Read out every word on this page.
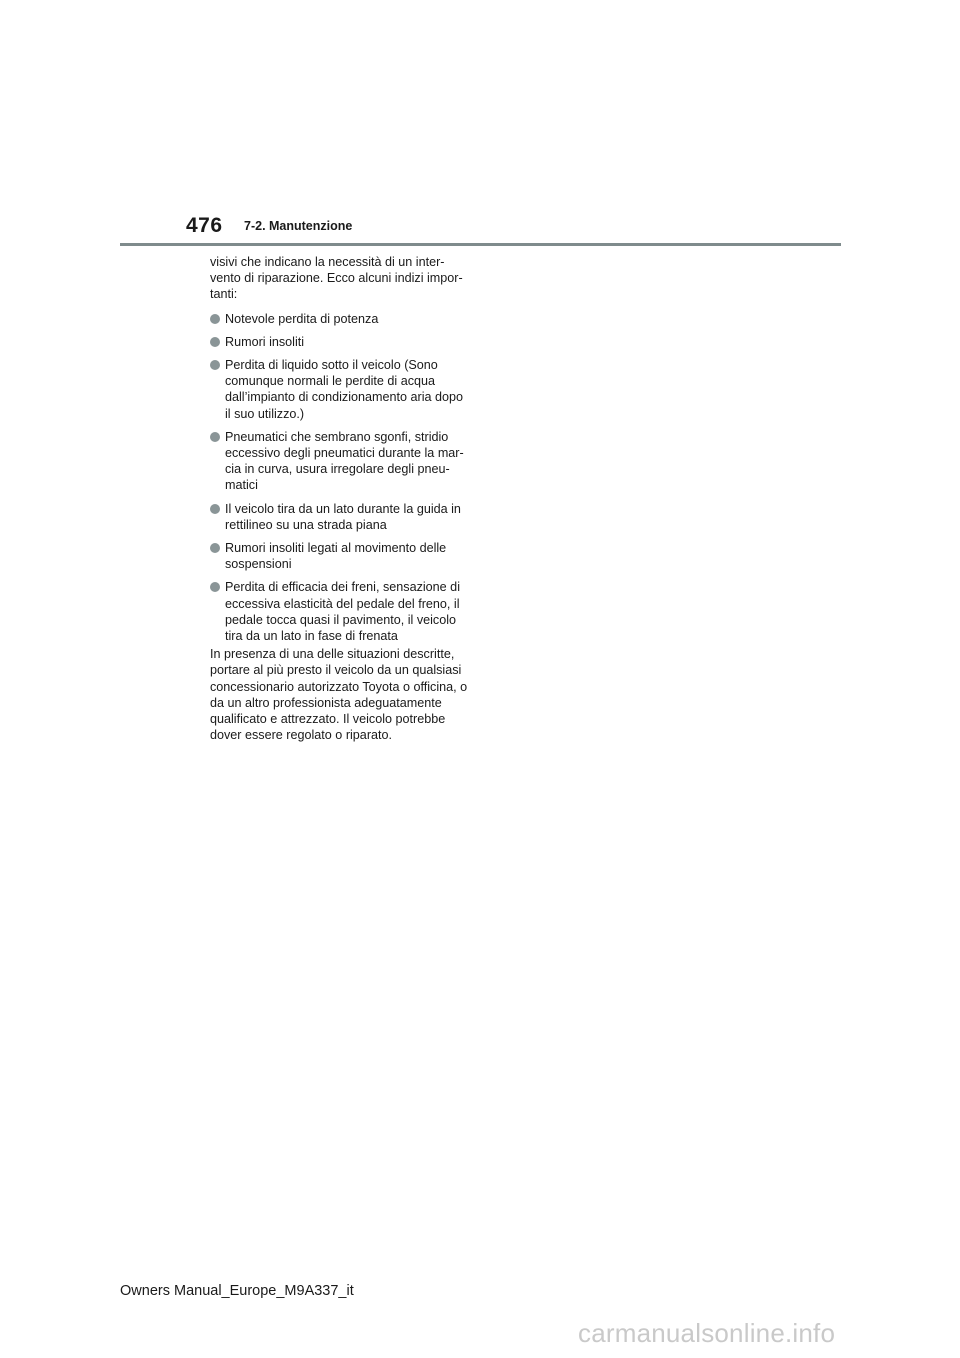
476 7-2. Manutenzione

visivi che indicano la necessità di un inter-vento di riparazione. Ecco alcuni indizi impor-tanti:

Notevole perdita di potenza
Rumori insoliti
Perdita di liquido sotto il veicolo (Sono comunque normali le perdite di acqua dall’impianto di condizionamento aria dopo il suo utilizzo.)
Pneumatici che sembrano sgonfi, stridio eccessivo degli pneumatici durante la mar-cia in curva, usura irregolare degli pneu-matici
Il veicolo tira da un lato durante la guida in rettilineo su una strada piana
Rumori insoliti legati al movimento delle sospensioni
Perdita di efficacia dei freni, sensazione di eccessiva elasticità del pedale del freno, il pedale tocca quasi il pavimento, il veicolo tira da un lato in fase di frenata

In presenza di una delle situazioni descritte, portare al più presto il veicolo da un qualsiasi concessionario autorizzato Toyota o officina, o da un altro professionista adeguatamente qualificato e attrezzato. Il veicolo potrebbe dover essere regolato o riparato.

Owners Manual_Europe_M9A337_it
carmanualsonline.info
